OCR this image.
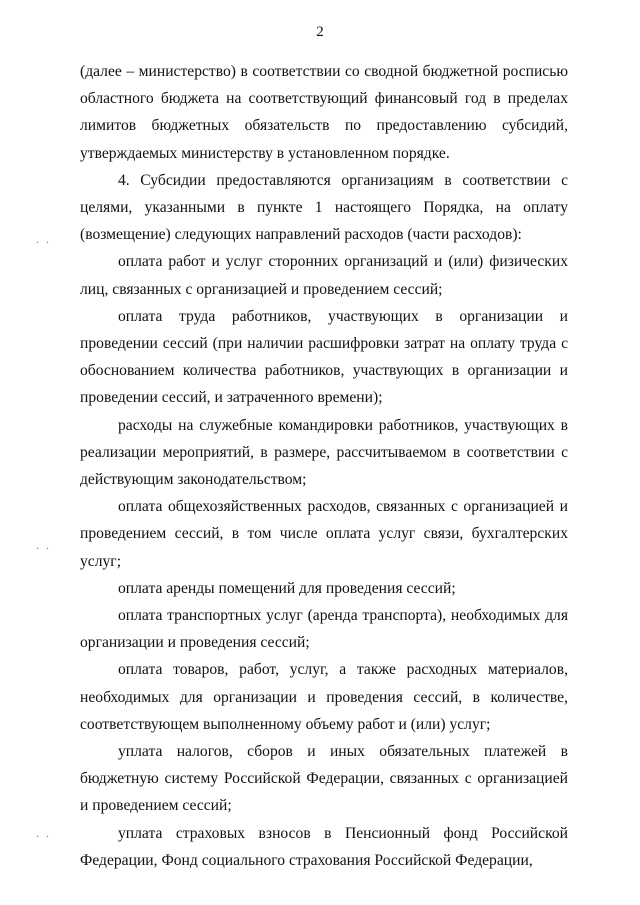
2
. .
. .
. .

(далее – министерство) в соответствии со сводной бюджетной росписью областного бюджета на соответствующий финансовый год в пределах лимитов бюджетных обязательств по предоставлению субсидий, утверждаемых министерству в установленном порядке.

4. Субсидии предоставляются организациям в соответствии с целями, указанными в пункте 1 настоящего Порядка, на оплату (возмещение) следующих направлений расходов (части расходов):

оплата работ и услуг сторонних организаций и (или) физических лиц, связанных с организацией и проведением сессий;

оплата труда работников, участвующих в организации и проведении сессий (при наличии расшифровки затрат на оплату труда с обоснованием количества работников, участвующих в организации и проведении сессий, и затраченного времени);

расходы на служебные командировки работников, участвующих в реализации мероприятий, в размере, рассчитываемом в соответствии с действующим законодательством;

оплата общехозяйственных расходов, связанных с организацией и проведением сессий, в том числе оплата услуг связи, бухгалтерских услуг;

оплата аренды помещений для проведения сессий;

оплата транспортных услуг (аренда транспорта), необходимых для организации и проведения сессий;

оплата товаров, работ, услуг, а также расходных материалов, необходимых для организации и проведения сессий, в количестве, соответствующем выполненному объему работ и (или) услуг;

уплата налогов, сборов и иных обязательных платежей в бюджетную систему Российской Федерации, связанных с организацией и проведением сессий;

уплата страховых взносов в Пенсионный фонд Российской Федерации, Фонд социального страхования Российской Федерации,
